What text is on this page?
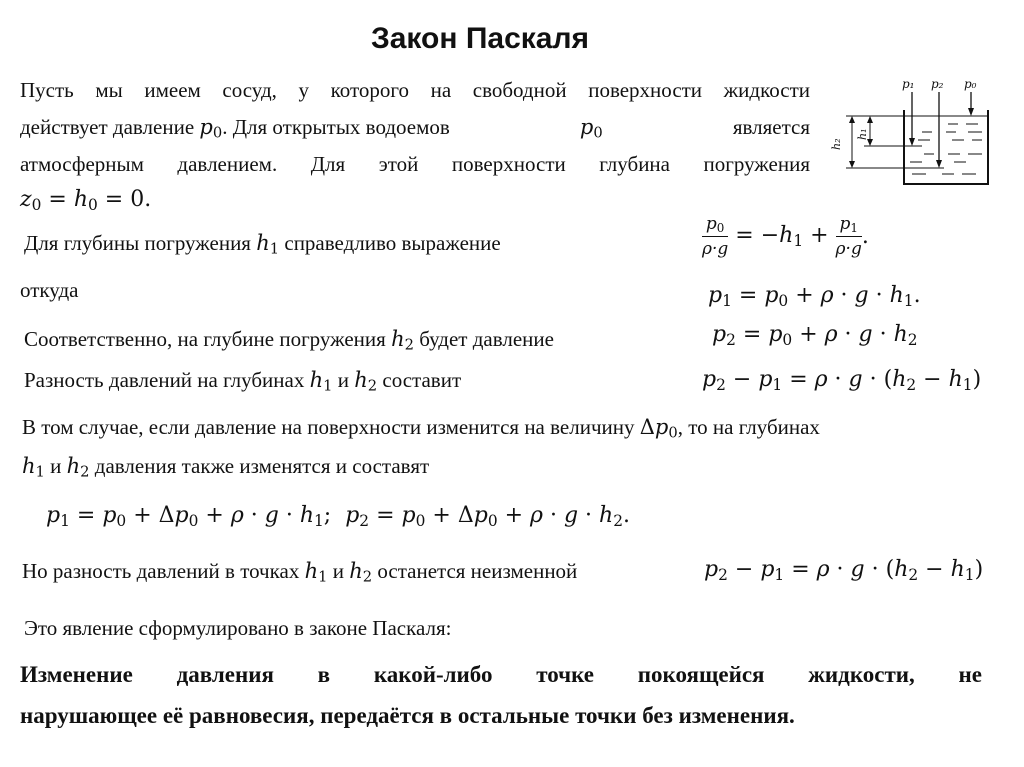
Закон Паскаля
Пусть мы имеем сосуд, у которого на свободной поверхности жидкости
действует давление $p_0$. Для открытых водоемов	$p_0$	является
атмосферным давлением. Для этой поверхности глубина погружения
$z_0 = h_0 = 0$.
p₁ p₂ p₀
h₂
h₁
Для глубины погружения $h_1$ справедливо выражение	$\frac{p_0}{\rho\cdot g} = -h_1 + \frac{p_1}{\rho\cdot g}$ .
откуда	$p_1 = p_0 + \rho \cdot g \cdot h_1$.
Соответственно, на глубине погружения $h_2$ будет давление	$p_2 = p_0 + \rho \cdot g \cdot h_2$
Разность давлений на глубинах $h_1$ и $h_2$ составит	$p_2 - p_1 = \rho \cdot g \cdot (h_2 - h_1)$
В том случае, если давление на поверхности изменится на величину $\Delta p_0$, то на глубинах
$h_1$ и $h_2$ давления также изменятся и составят
$p_1 = p_0 + \Delta p_0 + \rho \cdot g \cdot h_1$;  $p_2 = p_0 + \Delta p_0 + \rho \cdot g \cdot h_2$.
Но разность давлений в точках $h_1$ и $h_2$ останется неизменной	$p_2 - p_1 = \rho \cdot g \cdot (h_2 - h_1)$
Это явление сформулировано в законе Паскаля:
Изменение давления в какой-либо точке покоящейся жидкости, не
нарушающее её равновесия, передаётся в остальные точки без изменения.
